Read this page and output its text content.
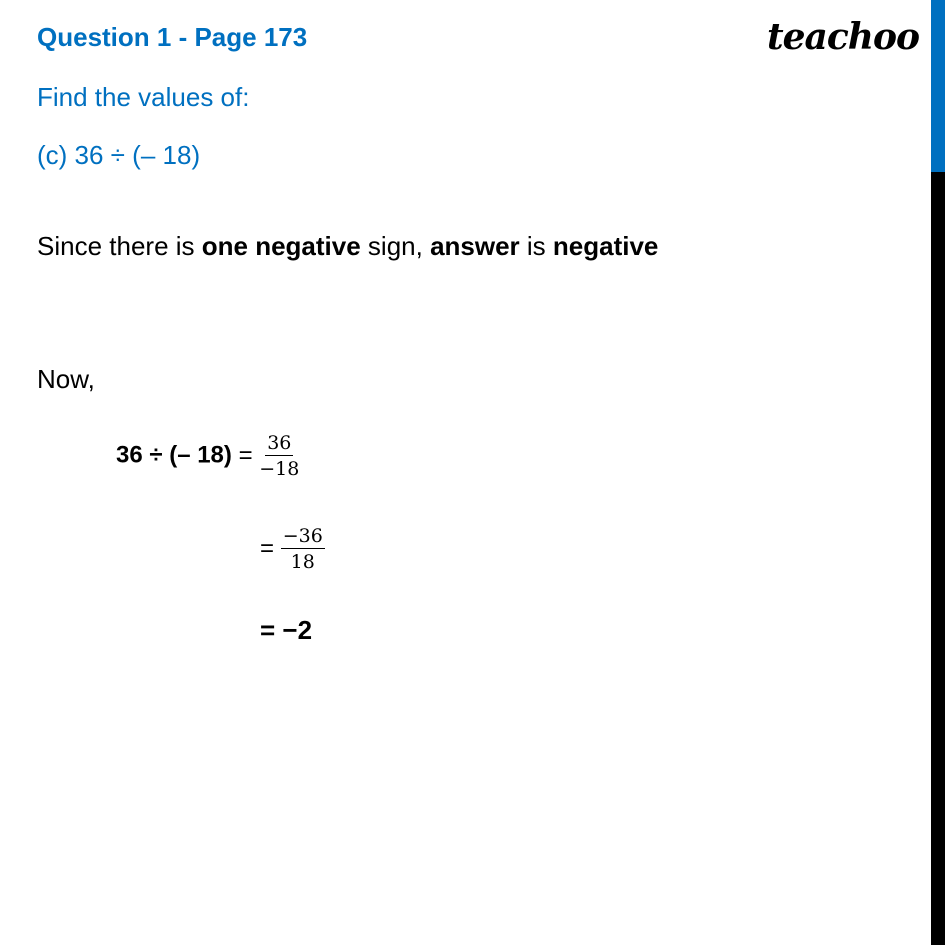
Question 1 - Page 173	teachoo
Find the values of:
(c) 36 ÷ (– 18)
Since there is one negative sign, answer is negative
Now,
36 ÷ (– $18) = \frac{36}{-18}$
= $\frac{-36}{18}$
= −2
